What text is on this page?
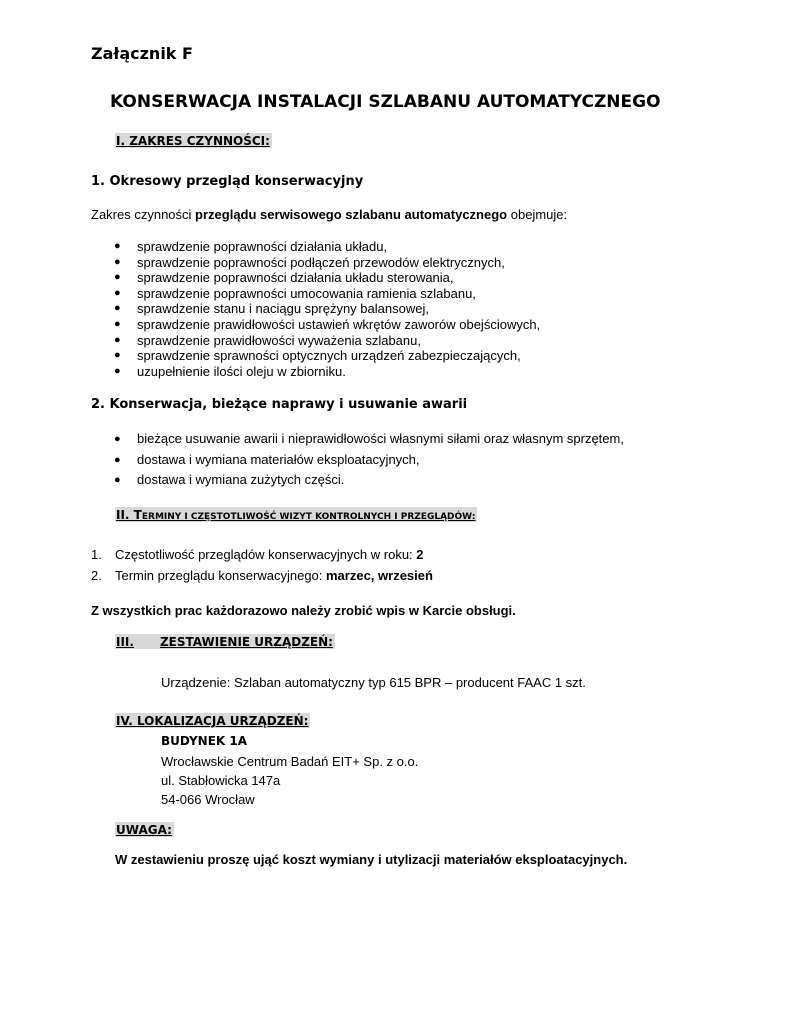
Załącznik F
KONSERWACJA INSTALACJI SZLABANU AUTOMATYCZNEGO
I. ZAKRES CZYNNOŚCI:
1. Okresowy przegląd konserwacyjny
Zakres czynności przeglądu serwisowego szlabanu automatycznego obejmuje:
● sprawdzenie poprawności działania układu,
● sprawdzenie poprawności podłączeń przewodów elektrycznych,
● sprawdzenie poprawności działania układu sterowania,
● sprawdzenie poprawności umocowania ramienia szlabanu,
● sprawdzenie stanu i naciągu sprężyny balansowej,
● sprawdzenie prawidłowości ustawień wkrętów zaworów obejściowych,
● sprawdzenie prawidłowości wyważenia szlabanu,
● sprawdzenie sprawności optycznych urządzeń zabezpieczających,
● uzupełnienie ilości oleju w zbiorniku.
2. Konserwacja, bieżące naprawy i usuwanie awarii
● bieżące usuwanie awarii i nieprawidłowości własnymi siłami oraz własnym sprzętem,
● dostawa i wymiana materiałów eksploatacyjnych,
● dostawa i wymiana zużytych części.
II. TERMINY I CZĘSTOTLIWOŚĆ WIZYT KONTROLNYCH I PRZEGLĄDÓW:
1. Częstotliwość przeglądów konserwacyjnych w roku: 2
2. Termin przeglądu konserwacyjnego: marzec, wrzesień
Z wszystkich prac każdorazowo należy zrobić wpis w Karcie obsługi.
III. ZESTAWIENIE URZĄDZEŃ:
Urządzenie: Szlaban automatyczny typ 615 BPR – producent FAAC 1 szt.
IV. LOKALIZACJA URZĄDZEŃ:
BUDYNEK 1A
Wrocławskie Centrum Badań EIT+ Sp. z o.o.
ul. Stabłowicka 147a
54-066 Wrocław
UWAGA:
W zestawieniu proszę ująć koszt wymiany i utylizacji materiałów eksploatacyjnych.
